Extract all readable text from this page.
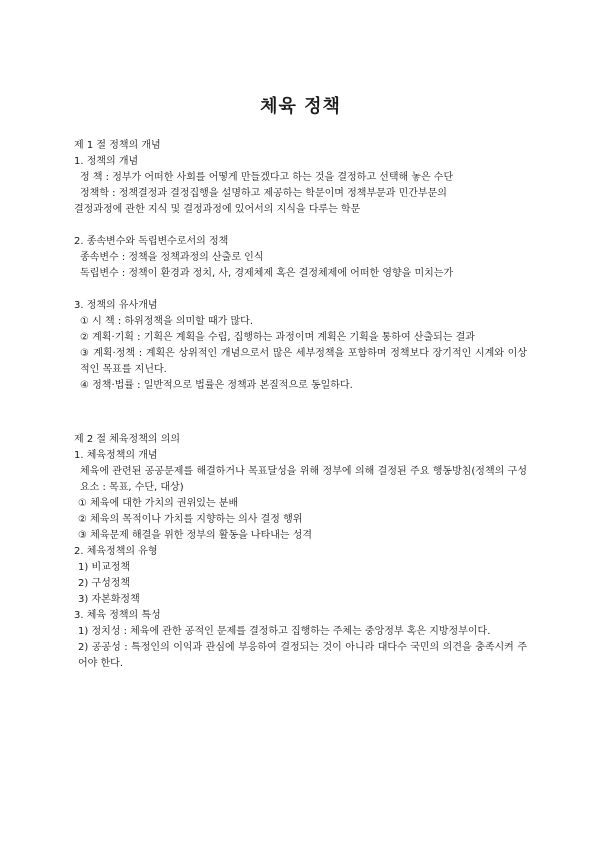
체육 정책
제 1 절 정책의 개념
1. 정책의 개념
정 책 : 정부가 어떠한 사회를 어떻게 만들겠다고 하는 것을 결정하고 선택해 놓은 수단
정책학 : 정책결정과 결정집행을 설명하고 제공하는 학문이며 정책부문과 민간부문의
결정과정에 관한 지식 및 결정과정에 있어서의 지식을 다루는 학문
2. 종속변수와 독립변수로서의 정책
종속변수 : 정책을 정책과정의 산출로 인식
독립변수 : 정책이 환경과 정치, 사, 경제체제 혹은 결정체제에 어떠한 영향을 미치는가
3. 정책의 유사개념
① 시 책 : 하위정책을 의미할 때가 많다.
② 계획·기획 : 기획은 계획을 수립, 집행하는 과정이며 계획은 기획을 통하여 산출되는 결과
③ 계획·정책 : 계획은 상위적인 개념으로서 많은 세부정책을 포함하며 정책보다 장기적인 시계와 이상적인 목표를 지닌다.
④ 정책·법률 : 일반적으로 법률은 정책과 본질적으로 동일하다.
제 2 절 체육정책의 의의
1. 체육정책의 개념
체육에 관련된 공공문제를 해결하거나 목표달성을 위해 정부에 의해 결정된 주요 행동방침(정책의 구성요소 : 목표, 수단, 대상)
① 체육에 대한 가치의 권위있는 분배
② 체육의 목적이나 가치를 지향하는 의사 결정 행위
③ 체육문제 해결을 위한 정부의 활동을 나타내는 성격
2. 체육정책의 유형
1) 비교정책
2) 구성정책
3) 자본화정책
3. 체육 정책의 특성
1) 정치성 : 체육에 관한 공적인 문제를 결정하고 집행하는 주체는 중앙정부 혹은 지방정부이다.
2) 공공성 : 특정인의 이익과 관심에 부응하여 결정되는 것이 아니라 대다수 국민의 의견을 충족시켜 주어야 한다.
